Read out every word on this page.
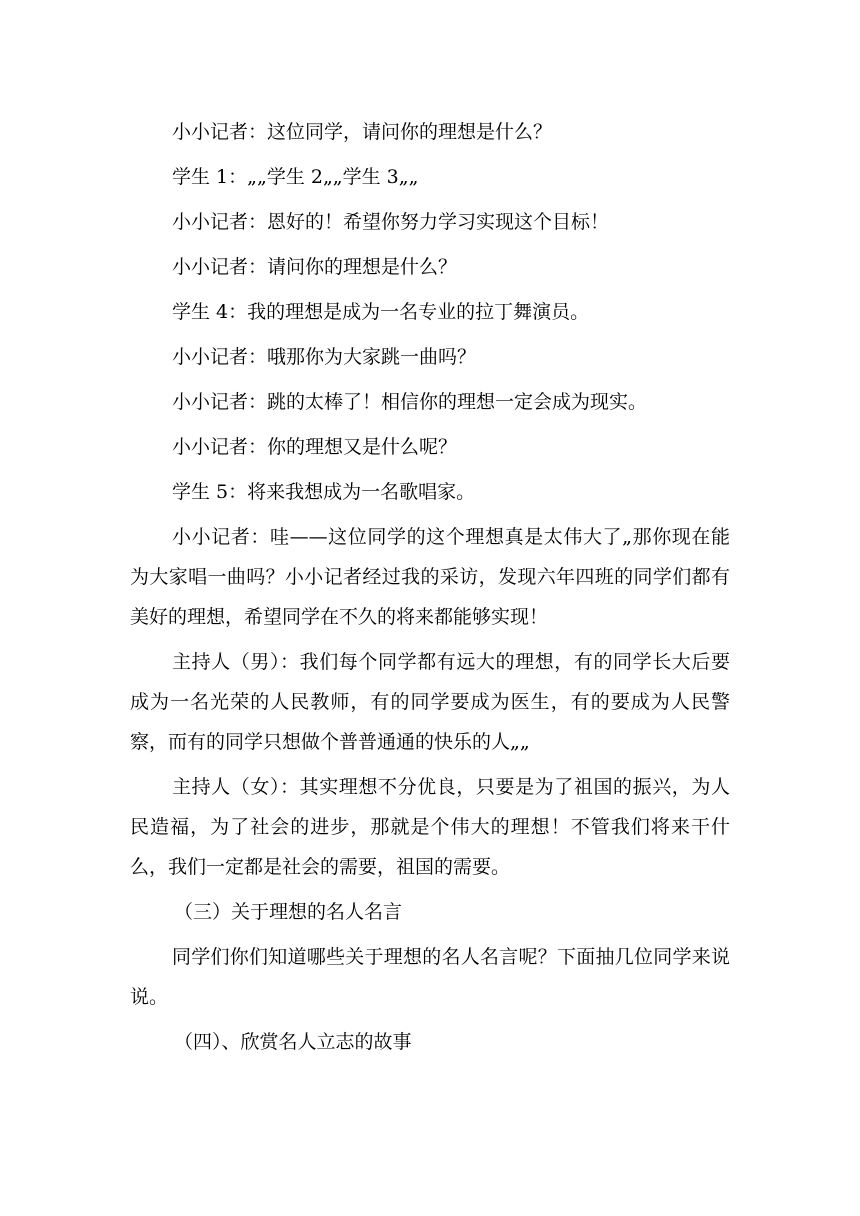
小小记者：这位同学，请问你的理想是什么？

学生 1：„„学生 2„„学生 3„„

小小记者：恩好的！希望你努力学习实现这个目标！

小小记者：请问你的理想是什么？

学生 4：我的理想是成为一名专业的拉丁舞演员。

小小记者：哦那你为大家跳一曲吗？

小小记者：跳的太棒了！相信你的理想一定会成为现实。

小小记者：你的理想又是什么呢？

学生 5：将来我想成为一名歌唱家。

小小记者：哇——这位同学的这个理想真是太伟大了„那你现在能为大家唱一曲吗？小小记者经过我的采访，发现六年四班的同学们都有美好的理想，希望同学在不久的将来都能够实现！

主持人（男）：我们每个同学都有远大的理想，有的同学长大后要成为一名光荣的人民教师，有的同学要成为医生，有的要成为人民警察，而有的同学只想做个普普通通的快乐的人„„

主持人（女）：其实理想不分优良，只要是为了祖国的振兴，为人民造福，为了社会的进步，那就是个伟大的理想！不管我们将来干什么，我们一定都是社会的需要，祖国的需要。

（三）关于理想的名人名言

同学们你们知道哪些关于理想的名人名言呢？下面抽几位同学来说说。

（四）、欣赏名人立志的故事
